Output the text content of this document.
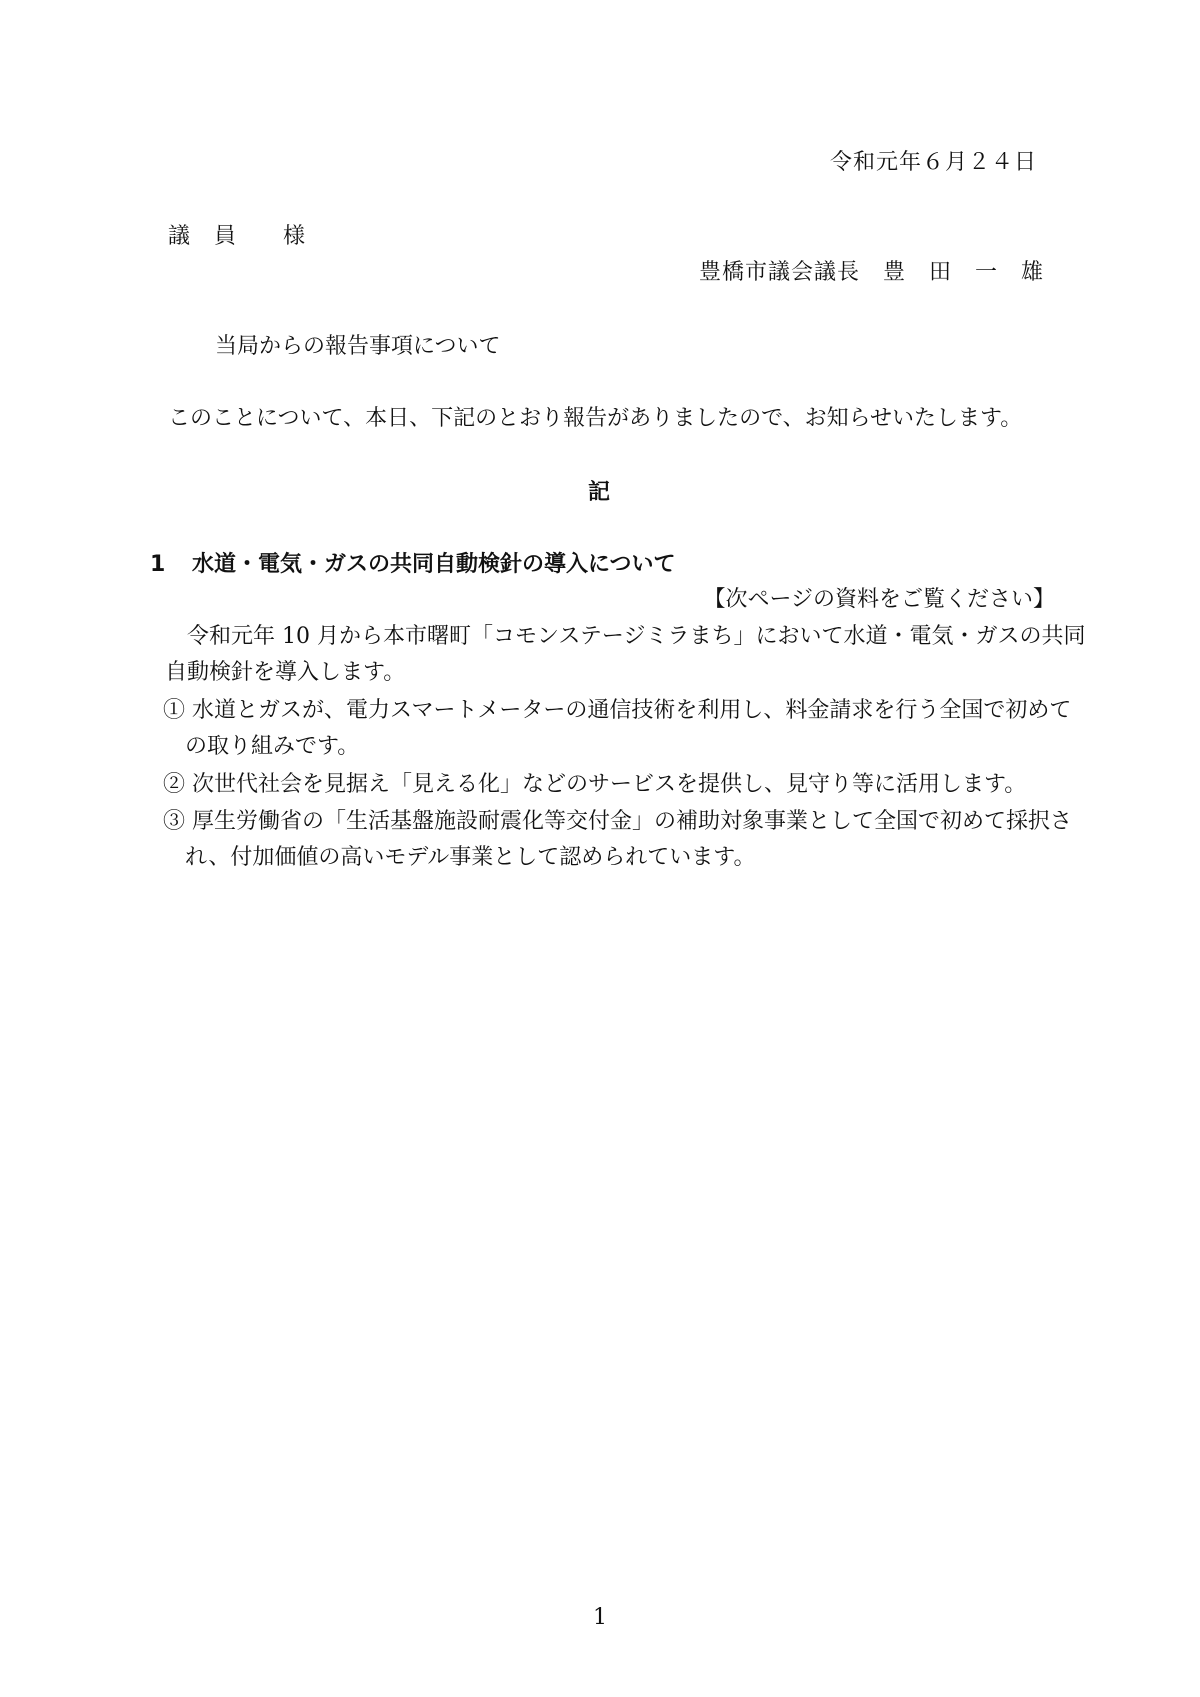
令和元年６月２４日
議　員　　様
豊橋市議会議長　豊　田　一　雄
当局からの報告事項について
このことについて、本日、下記のとおり報告がありましたので、お知らせいたします。
記
1 水道・電気・ガスの共同自動検針の導入について
【次ページの資料をご覧ください】
令和元年 10 月から本市曙町「コモンステージミラまち」において水道・電気・ガスの共同
自動検針を導入します。
① 水道とガスが、電力スマートメーターの通信技術を利用し、料金請求を行う全国で初めて
の取り組みです。
② 次世代社会を見据え「見える化」などのサービスを提供し、見守り等に活用します。
③ 厚生労働省の「生活基盤施設耐震化等交付金」の補助対象事業として全国で初めて採択さ
れ、付加価値の高いモデル事業として認められています。
1
